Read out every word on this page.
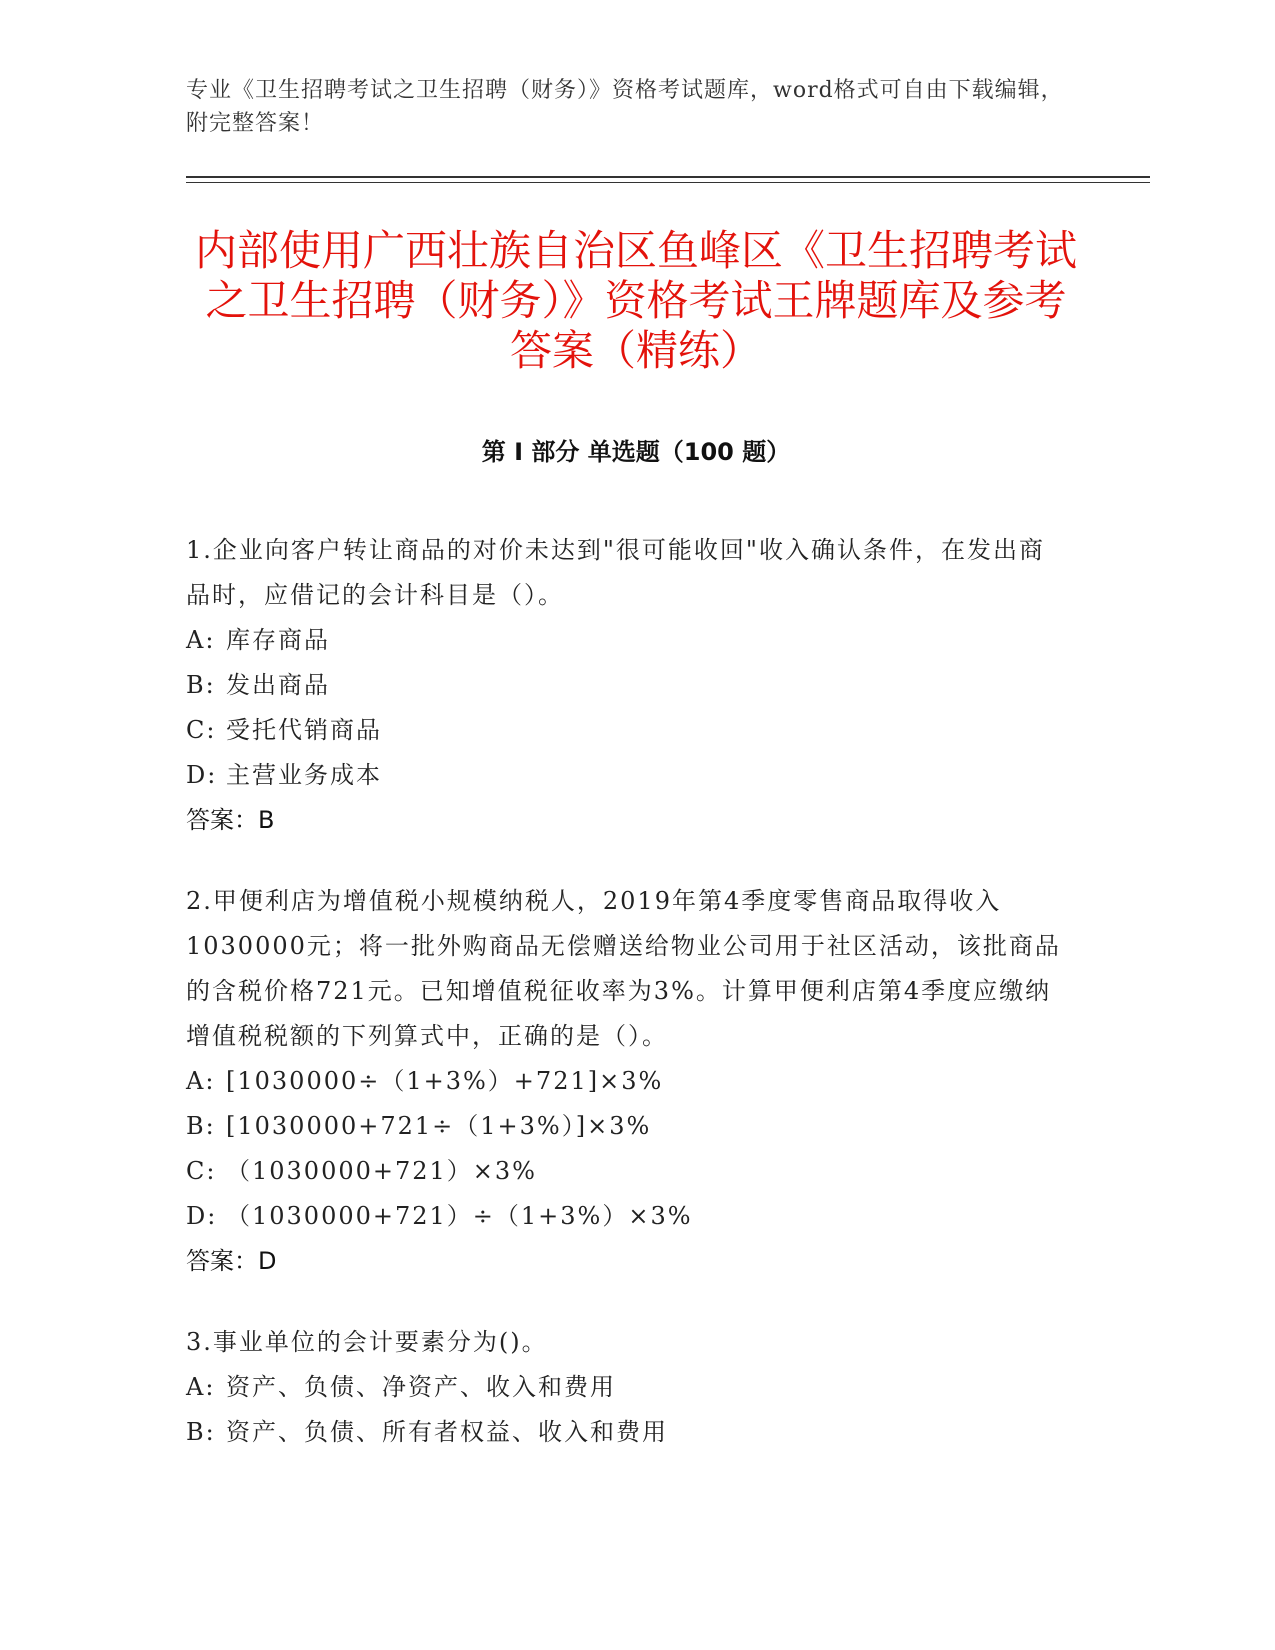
专业《卫生招聘考试之卫生招聘（财务）》资格考试题库，word格式可自由下载编辑，附完整答案！
内部使用广西壮族自治区鱼峰区《卫生招聘考试之卫生招聘（财务）》资格考试王牌题库及参考答案（精练）
第 I 部分 单选题（100 题）

1.企业向客户转让商品的对价未达到"很可能收回"收入确认条件，在发出商品时，应借记的会计科目是（）。

A: 库存商品

B: 发出商品

C: 受托代销商品

D: 主营业务成本

答案：B

2.甲便利店为增值税小规模纳税人，2019年第4季度零售商品取得收入1030000元；将一批外购商品无偿赠送给物业公司用于社区活动，该批商品的含税价格721元。已知增值税征收率为3%。计算甲便利店第4季度应缴纳增值税税额的下列算式中，正确的是（）。

A: [1030000÷（1+3%）+721]×3%

B: [1030000+721÷（1+3%）]×3%

C: （1030000+721）×3%

D: （1030000+721）÷（1+3%）×3%

答案：D

3.事业单位的会计要素分为()。

A: 资产、负债、净资产、收入和费用

B: 资产、负债、所有者权益、收入和费用
